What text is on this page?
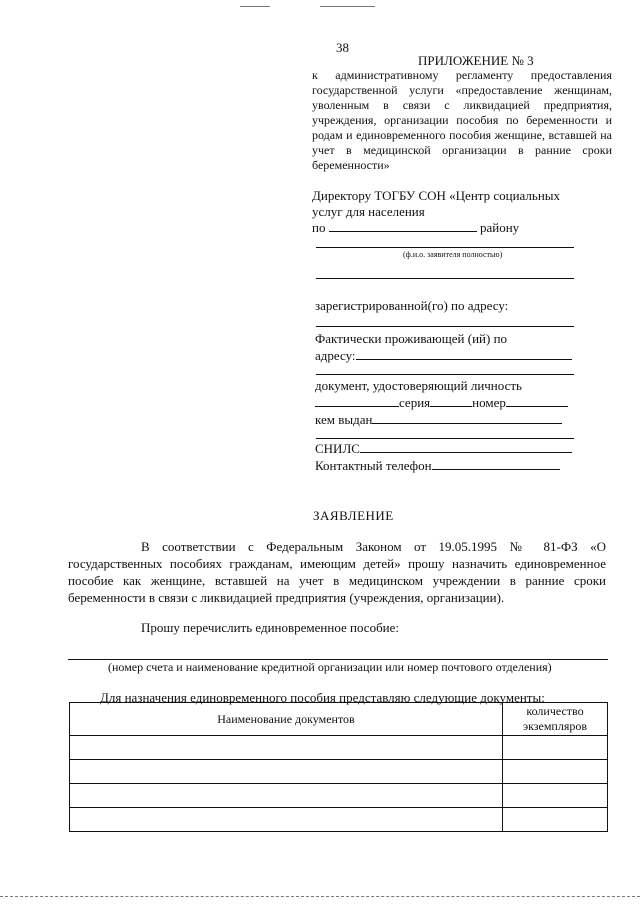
38
ПРИЛОЖЕНИЕ № 3
к административному регламенту предоставления государственной услуги «предоставление женщинам, уволенным в связи с ликвидацией предприятия, учреждения, организации пособия по беременности и родам и единовременного пособия женщине, вставшей на учет в медицинской организации в ранние сроки беременности»
Директору ТОГБУ СОН «Центр социальных
услуг для населения
по	району
(ф.и.о. заявителя полностью)
зарегистрированной(го) по адресу:
Фактически проживающей (ий) по
адресу:
документ, удостоверяющий личность
серия	номер
кем выдан
СНИЛС
Контактный телефон
ЗАЯВЛЕНИЕ

В соответствии с Федеральным Законом от 19.05.1995 № 81-ФЗ «О государственных пособиях гражданам, имеющим детей» прошу назначить единовременное пособие как женщине, вставшей на учет в медицинском учреждении в ранние сроки беременности в связи с ликвидацией предприятия (учреждения, организации).

Прошу перечислить единовременное пособие:
(номер счета и наименование кредитной организации или номер почтового отделения)
Для назначения единовременного пособия представляю следующие документы:
Наименование документов	количество экземпляров
